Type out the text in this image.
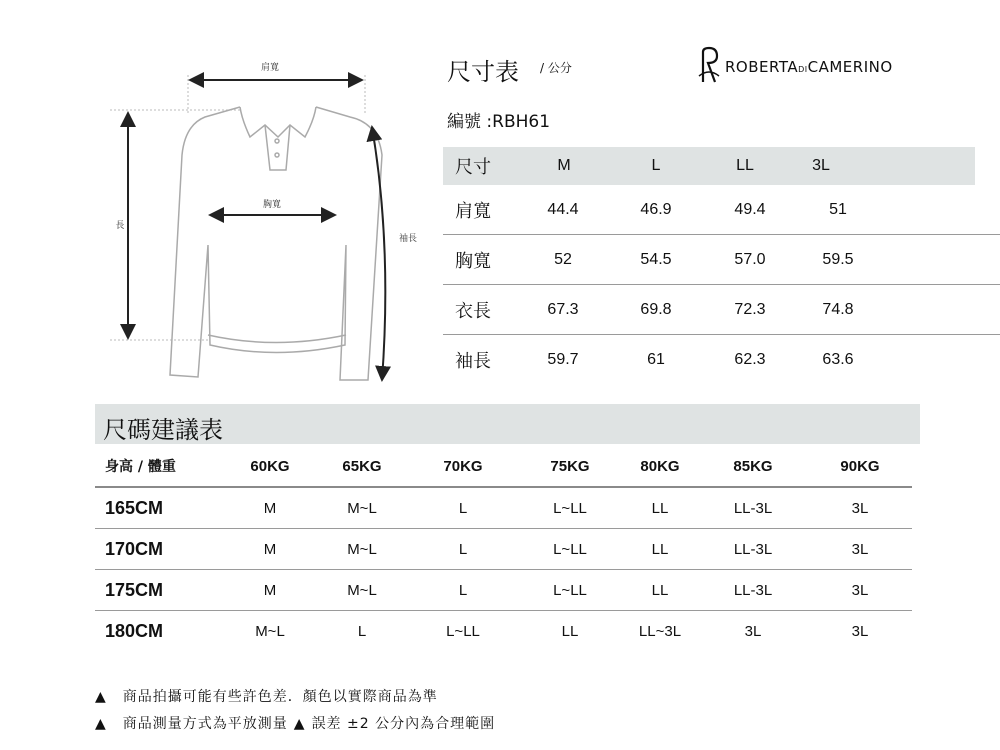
肩寬
胸寬
長
袖長
尺寸表 / 公分
編號 :RBH61
ROBERTADICAMERINO
尺寸	M	L	LL	3L
肩寬	44.4	46.9	49.4	51
胸寬	52	54.5	57.0	59.5
衣長	67.3	69.8	72.3	74.8
袖長	59.7	61	62.3	63.6
尺碼建議表
身高 / 體重	60KG	65KG	70KG	75KG	80KG	85KG	90KG
165CM	M	M~L	L	L~LL	LL	LL-3L	3L
170CM	M	M~L	L	L~LL	LL	LL-3L	3L
175CM	M	M~L	L	L~LL	LL	LL-3L	3L
180CM	M~L	L	L~LL	LL	LL~3L	3L	3L
▲ 商品拍攝可能有些許色差．顏色以實際商品為準
▲ 商品測量方式為平放測量 ▲ 誤差 ±2 公分內為合理範圍
